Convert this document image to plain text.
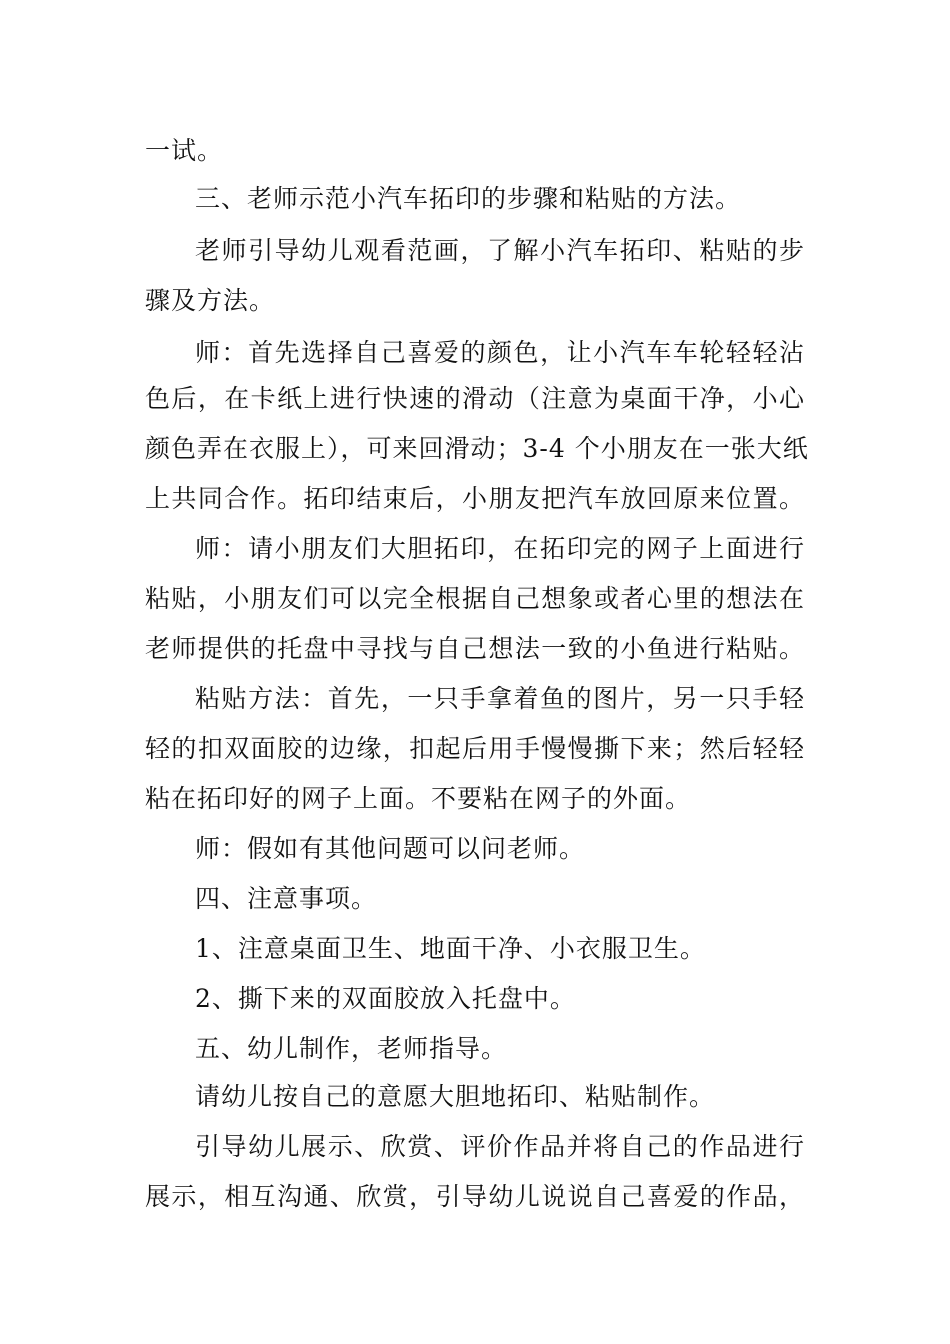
一试。
三、老师示范小汽车拓印的步骤和粘贴的方法。
老师引导幼儿观看范画，了解小汽车拓印、粘贴的步
骤及方法。
师：首先选择自己喜爱的颜色，让小汽车车轮轻轻沾
色后，在卡纸上进行快速的滑动（注意为桌面干净，小心
颜色弄在衣服上），可来回滑动；3-4 个小朋友在一张大纸
上共同合作。拓印结束后，小朋友把汽车放回原来位置。
师：请小朋友们大胆拓印，在拓印完的网子上面进行
粘贴，小朋友们可以完全根据自己想象或者心里的想法在
老师提供的托盘中寻找与自己想法一致的小鱼进行粘贴。
粘贴方法：首先，一只手拿着鱼的图片，另一只手轻
轻的扣双面胶的边缘，扣起后用手慢慢撕下来；然后轻轻
粘在拓印好的网子上面。不要粘在网子的外面。
师：假如有其他问题可以问老师。
四、注意事项。
1、注意桌面卫生、地面干净、小衣服卫生。
2、撕下来的双面胶放入托盘中。
五、幼儿制作，老师指导。
请幼儿按自己的意愿大胆地拓印、粘贴制作。
引导幼儿展示、欣赏、评价作品并将自己的作品进行
展示，相互沟通、欣赏，引导幼儿说说自己喜爱的作品，
